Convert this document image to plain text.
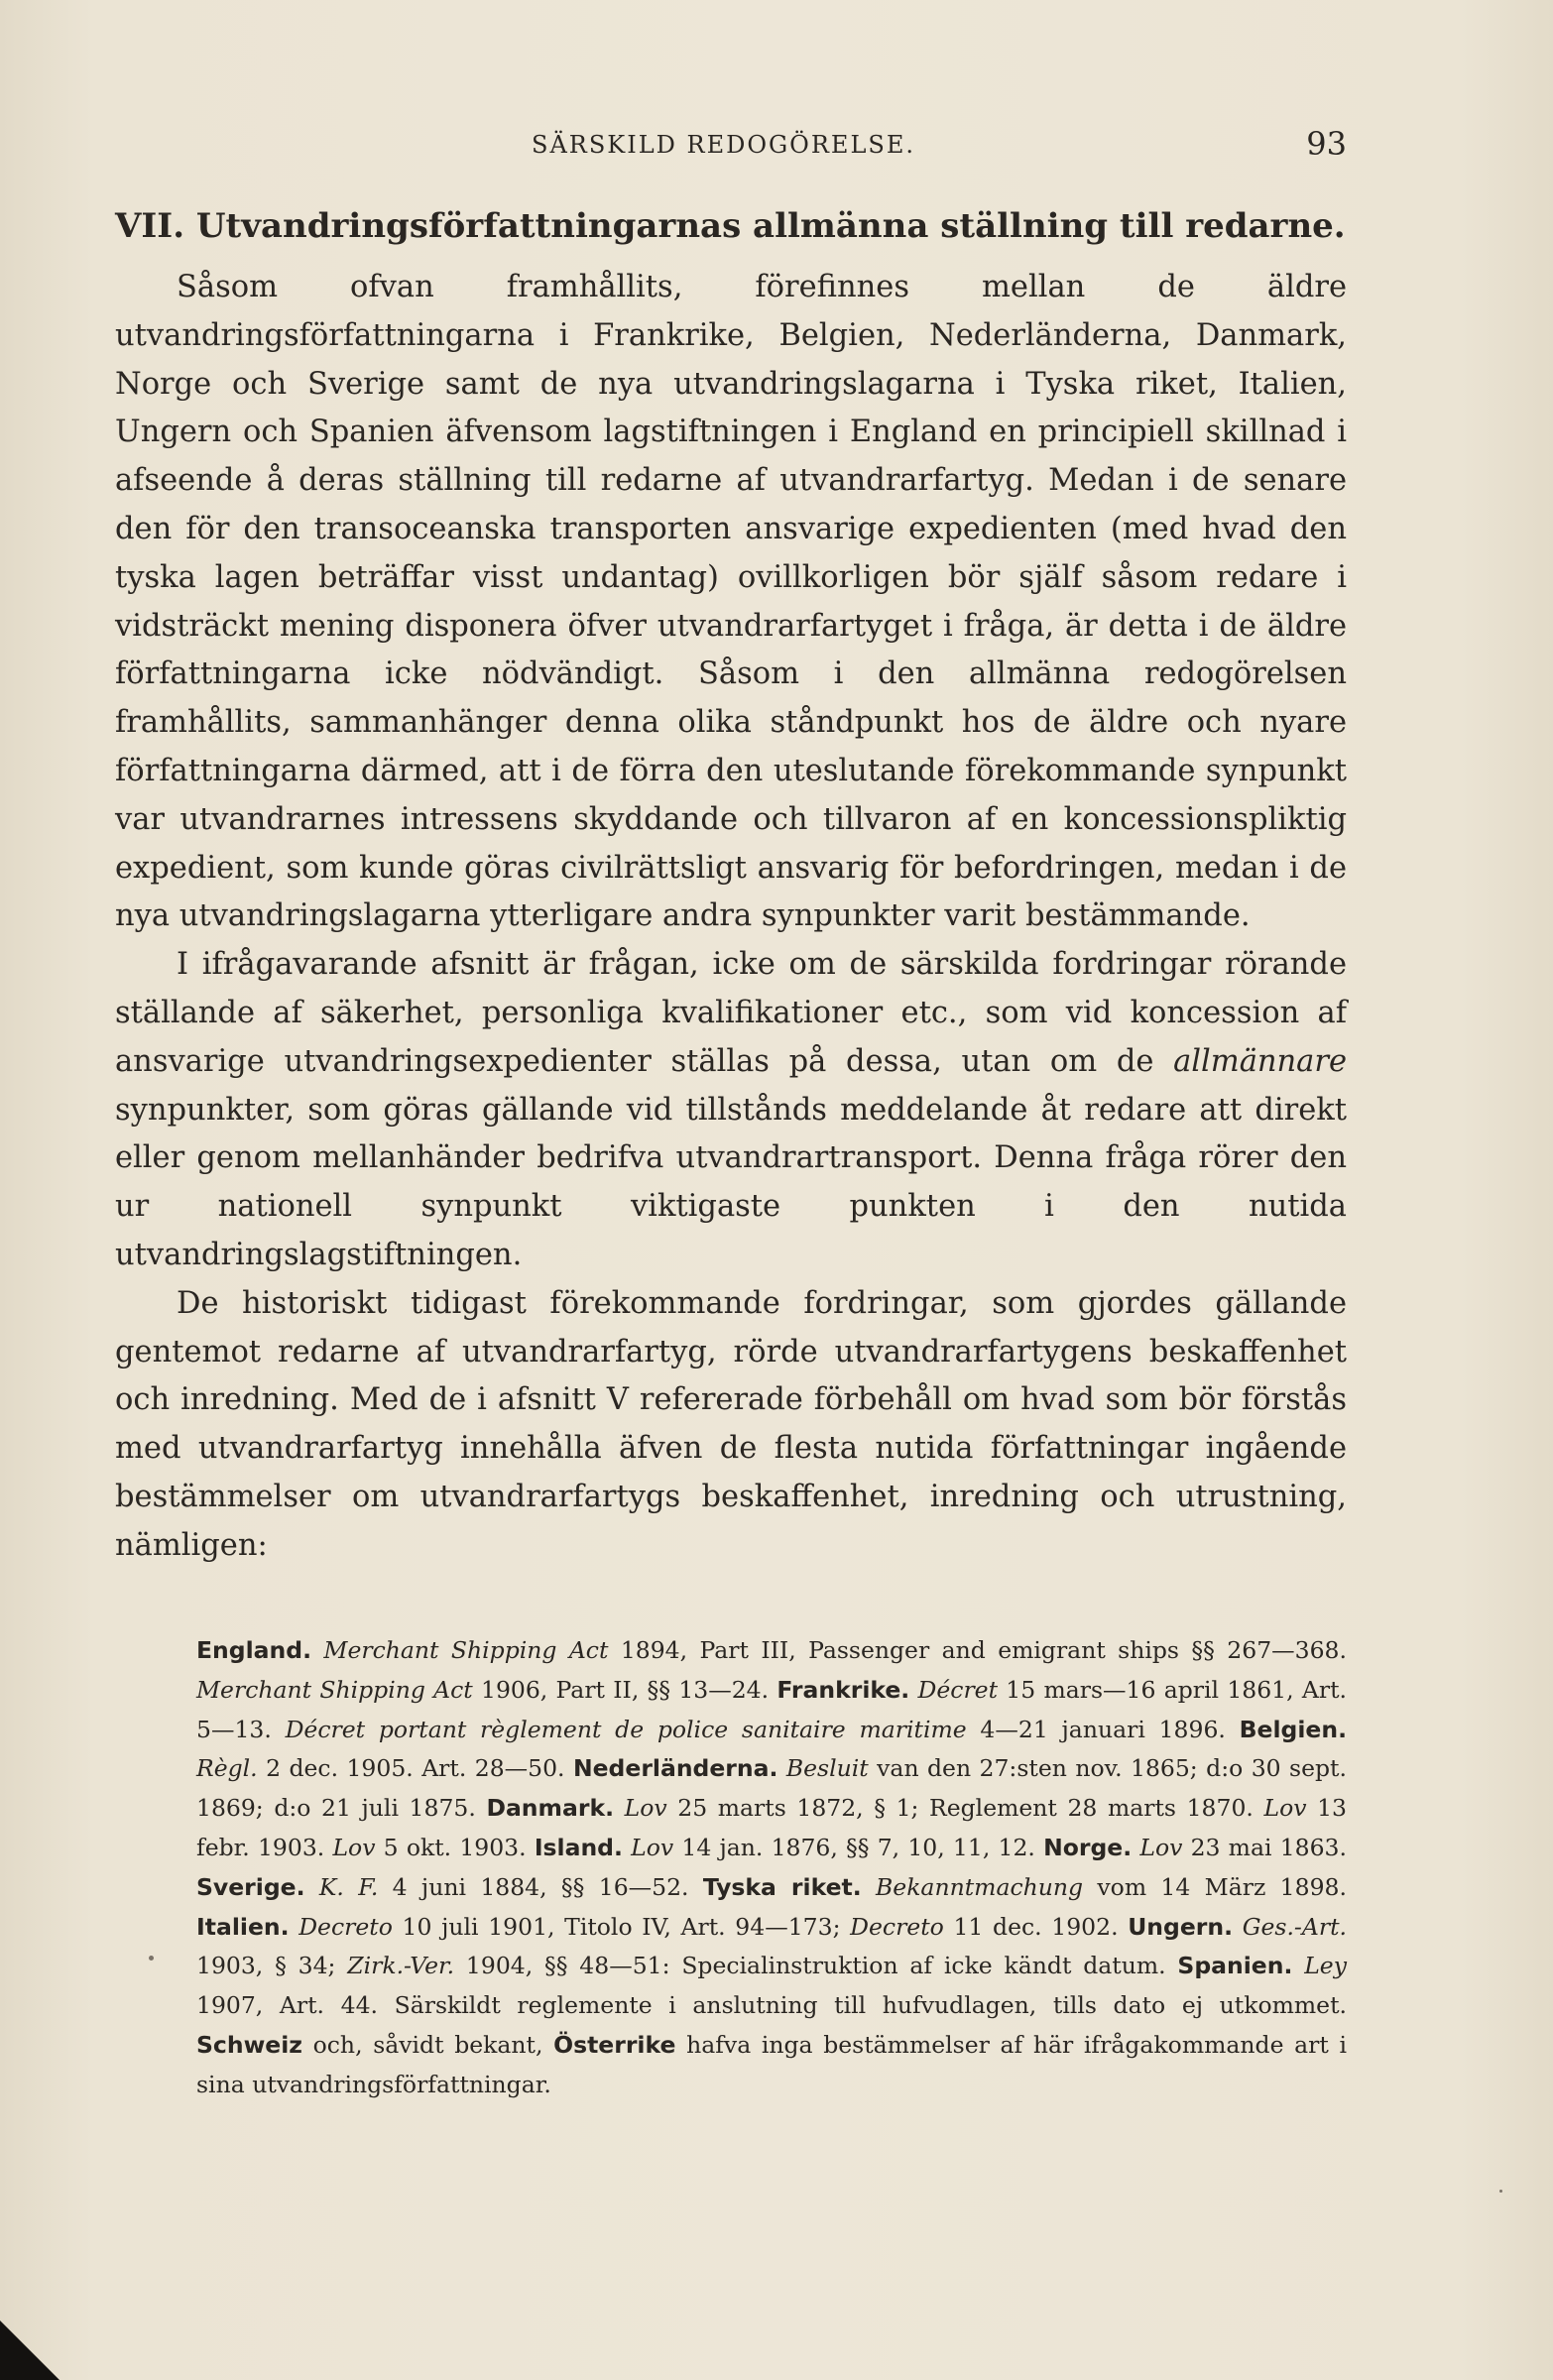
SÄRSKILD REDOGÖRELSE.	93
VII. Utvandringsförfattningarnas allmänna ställning till redarne.

Såsom ofvan framhållits, förefinnes mellan de äldre utvandringsförfattningarna i Frankrike, Belgien, Nederländerna, Danmark, Norge och Sverige samt de nya utvandringslagarna i Tyska riket, Italien, Ungern och Spanien äfvensom lagstiftningen i England en principiell skillnad i afseende å deras ställning till redarne af utvandrarfartyg. Medan i de senare den för den transoceanska transporten ansvarige expedienten (med hvad den tyska lagen beträffar visst undantag) ovillkorligen bör själf såsom redare i vidsträckt mening disponera öfver utvandrarfartyget i fråga, är detta i de äldre författningarna icke nödvändigt. Såsom i den allmänna redogörelsen framhållits, sammanhänger denna olika ståndpunkt hos de äldre och nyare författningarna därmed, att i de förra den uteslutande förekommande synpunkt var utvandrarnes intressens skyddande och tillvaron af en koncessionspliktig expedient, som kunde göras civilrättsligt ansvarig för befordringen, medan i de nya utvandringslagarna ytterligare andra synpunkter varit bestämmande.

I ifrågavarande afsnitt är frågan, icke om de särskilda fordringar rörande ställande af säkerhet, personliga kvalifikationer etc., som vid koncession af ansvarige utvandringsexpedienter ställas på dessa, utan om de allmännare synpunkter, som göras gällande vid tillstånds meddelande åt redare att direkt eller genom mellanhänder bedrifva utvandrartransport. Denna fråga rörer den ur nationell synpunkt viktigaste punkten i den nutida utvandringslagstiftningen.

De historiskt tidigast förekommande fordringar, som gjordes gällande gentemot redarne af utvandrarfartyg, rörde utvandrarfartygens beskaffenhet och inredning. Med de i afsnitt V refererade förbehåll om hvad som bör förstås med utvandrarfartyg innehålla äfven de flesta nutida författningar ingående bestämmelser om utvandrarfartygs beskaffenhet, inredning och utrustning, nämligen:

England. Merchant Shipping Act 1894, Part III, Passenger and emigrant ships §§ 267—368. Merchant Shipping Act 1906, Part II, §§ 13—24. Frankrike. Décret 15 mars—16 april 1861, Art. 5—13. Décret portant règlement de police sanitaire maritime 4—21 januari 1896. Belgien. Règl. 2 dec. 1905. Art. 28—50. Nederländerna. Besluit van den 27:sten nov. 1865; d:o 30 sept. 1869; d:o 21 juli 1875. Danmark. Lov 25 marts 1872, § 1; Reglement 28 marts 1870. Lov 13 febr. 1903. Lov 5 okt. 1903. Island. Lov 14 jan. 1876, §§ 7, 10, 11, 12. Norge. Lov 23 mai 1863. Sverige. K. F. 4 juni 1884, §§ 16—52. Tyska riket. Bekanntmachung vom 14 März 1898. Italien. Decreto 10 juli 1901, Titolo IV, Art. 94—173; Decreto 11 dec. 1902. Ungern. Ges.-Art. 1903, § 34; Zirk.-Ver. 1904, §§ 48—51: Specialinstruktion af icke kändt datum. Spanien. Ley 1907, Art. 44. Särskildt reglemente i anslutning till hufvudlagen, tills dato ej utkommet. Schweiz och, såvidt bekant, Österrike hafva inga bestämmelser af här ifrågakommande art i sina utvandringsförfattningar.
